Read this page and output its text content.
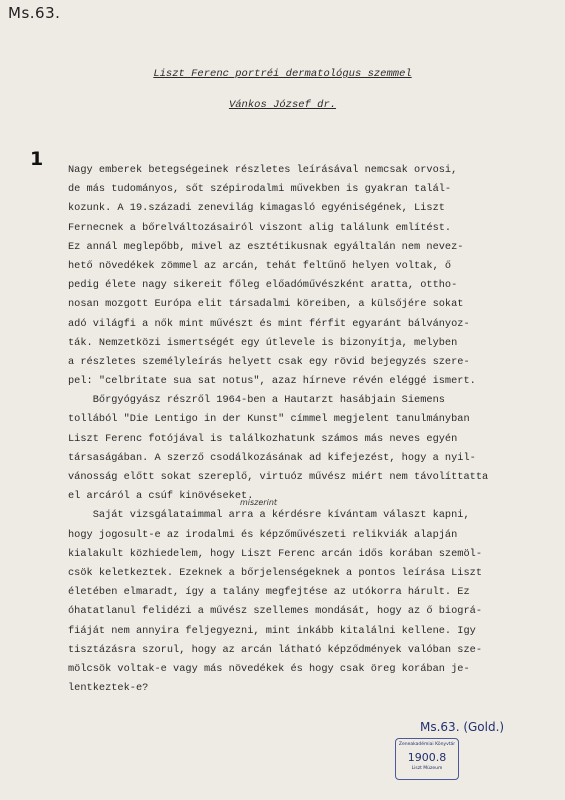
Ms.63.
Liszt Ferenc portréi dermatológus szemmel
Vánkos József dr.
1 Nagy emberek betegségeinek részletes leírásával nemcsak orvosi,
de más tudományos, sőt szépirodalmi művekben is gyakran talál-
kozunk. A 19.századi zenevilág kimagasló egyéniségének, Liszt
Fernecnek a bőrelváltozásairól viszont alig találunk említést.
Ez annál meglepőbb, mivel az esztétikusnak egyáltalán nem nevez-
hető növedékek zömmel az arcán, tehát feltűnő helyen voltak, ő
pedig élete nagy sikereit főleg előadóművészként aratta, ottho-
nosan mozgott Európa elit társadalmi köreiben, a külsőjére sokat
adó világfi a nők mint művészt és mint férfit egyaránt bálványoz-
ták. Nemzetközi ismertségét egy útlevele is bizonyítja, melyben
a részletes személyleírás helyett csak egy rövid bejegyzés szere-
pel: "celbritate sua sat notus", azaz hírneve révén eléggé ismert.
Bőrgyógyász részről 1964-ben a Hautarzt hasábjain Siemens
tollából "Die Lentigo in der Kunst" címmel megjelent tanulmányban
Liszt Ferenc fotójával is találkozhatunk számos más neves egyén
társaságában. A szerző csodálkozásának ad kifejezést, hogy a nyil-
vánosság előtt sokat szereplő, virtuóz művész miért nem távolíttatta
el arcáról a csúf kinövéseket.
Saját vizsgálataimmal arra a kérdésre kívántam választ kapni,
hogy jogosult-e az irodalmi és képzőművészeti relikviák alapján
kialakult közhiedelem, hogy Liszt Ferenc arcán idős korában szemöl-
csök keletkeztek. Ezeknek a bőrjelenségeknek a pontos leírása Liszt
életében elmaradt, így a talány megfejtése az utókorra hárult. Ez
óhatatlanul felidézi a művész szellemes mondását, hogy az ő biográ-
fiáját nem annyira feljegyezni, mint inkább kitalálni kellene. Igy
tisztázásra szorul, hogy az arcán látható képződmények valóban sze-
mölcsök voltak-e vagy más növedékek és hogy csak öreg korában je-
lentkeztek-e?
miszerint
Ms.63. (Gold.)
Zeneakadémiai Könyvtár
1900.8
Liszt Múzeum
